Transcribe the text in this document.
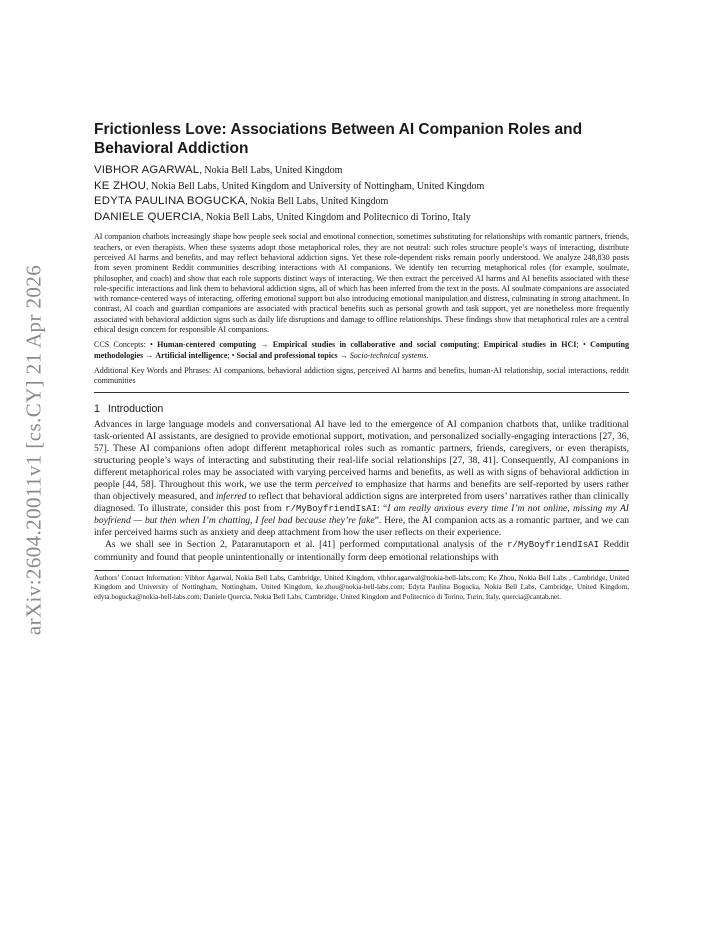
arXiv:2604.20011v1 [cs.CY] 21 Apr 2026
Frictionless Love: Associations Between AI Companion Roles and Behavioral Addiction
VIBHOR AGARWAL, Nokia Bell Labs, United Kingdom
KE ZHOU, Nokia Bell Labs, United Kingdom and University of Nottingham, United Kingdom
EDYTA PAULINA BOGUCKA, Nokia Bell Labs, United Kingdom
DANIELE QUERCIA, Nokia Bell Labs, United Kingdom and Politecnico di Torino, Italy
AI companion chatbots increasingly shape how people seek social and emotional connection, sometimes substituting for relationships with romantic partners, friends, teachers, or even therapists. When these systems adopt those metaphorical roles, they are not neutral: such roles structure people’s ways of interacting, distribute perceived AI harms and benefits, and may reflect behavioral addiction signs. Yet these role-dependent risks remain poorly understood. We analyze 248,830 posts from seven prominent Reddit communities describing interactions with AI companions. We identify ten recurring metaphorical roles (for example, soulmate, philosopher, and coach) and show that each role supports distinct ways of interacting. We then extract the perceived AI harms and AI benefits associated with these role-specific interactions and link them to behavioral addiction signs, all of which has been inferred from the text in the posts. AI soulmate companions are associated with romance-centered ways of interacting, offering emotional support but also introducing emotional manipulation and distress, culminating in strong attachment. In contrast, AI coach and guardian companions are associated with practical benefits such as personal growth and task support, yet are nonetheless more frequently associated with behavioral addiction signs such as daily life disruptions and damage to offline relationships. These findings show that metaphorical roles are a central ethical design concern for responsible AI companions.
CCS Concepts: • Human-centered computing → Empirical studies in collaborative and social computing; Empirical studies in HCI; • Computing methodologies → Artificial intelligence; • Social and professional topics → Socio-technical systems.
Additional Key Words and Phrases: AI companions, behavioral addiction signs, perceived AI harms and benefits, human-AI relationship, social interactions, reddit communities
1 Introduction

Advances in large language models and conversational AI have led to the emergence of AI companion chatbots that, unlike traditional task-oriented AI assistants, are designed to provide emotional support, motivation, and personalized socially-engaging interactions [27, 36, 57]. These AI companions often adopt different metaphorical roles such as romantic partners, friends, caregivers, or even therapists, structuring people’s ways of interacting and substituting their real-life social relationships [27, 38, 41]. Consequently, AI companions in different metaphorical roles may be associated with varying perceived harms and benefits, as well as with signs of behavioral addiction in people [44, 58]. Throughout this work, we use the term perceived to emphasize that harms and benefits are self-reported by users rather than objectively measured, and inferred to reflect that behavioral addiction signs are interpreted from users’ narratives rather than clinically diagnosed. To illustrate, consider this post from r/MyBoyfriendIsAI: “I am really anxious every time I’m not online, missing my AI boyfriend — but then when I’m chatting, I feel bad because they’re fake”. Here, the AI companion acts as a romantic partner, and we can infer perceived harms such as anxiety and deep attachment from how the user reflects on their experience.

As we shall see in Section 2, Pataranutaporn et al. [41] performed computational analysis of the r/MyBoyfriendIsAI Reddit community and found that people unintentionally or intentionally form deep emotional relationships with

Authors’ Contact Information: Vibhor Agarwal, Nokia Bell Labs, Cambridge, United Kingdom, vibhor.agarwal@nokia-bell-labs.com; Ke Zhou, Nokia Bell Labs , Cambridge, United Kingdom and University of Nottingham, Nottingham, United Kingdom, ke.zhou@nokia-bell-labs.com; Edyta Paulina Bogucka, Nokia Bell Labs, Cambridge, United Kingdom, edyta.bogucka@nokia-bell-labs.com; Daniele Quercia, Nokia Bell Labs, Cambridge, United Kingdom and Politecnico di Torino, Turin, Italy, quercia@cantab.net.
